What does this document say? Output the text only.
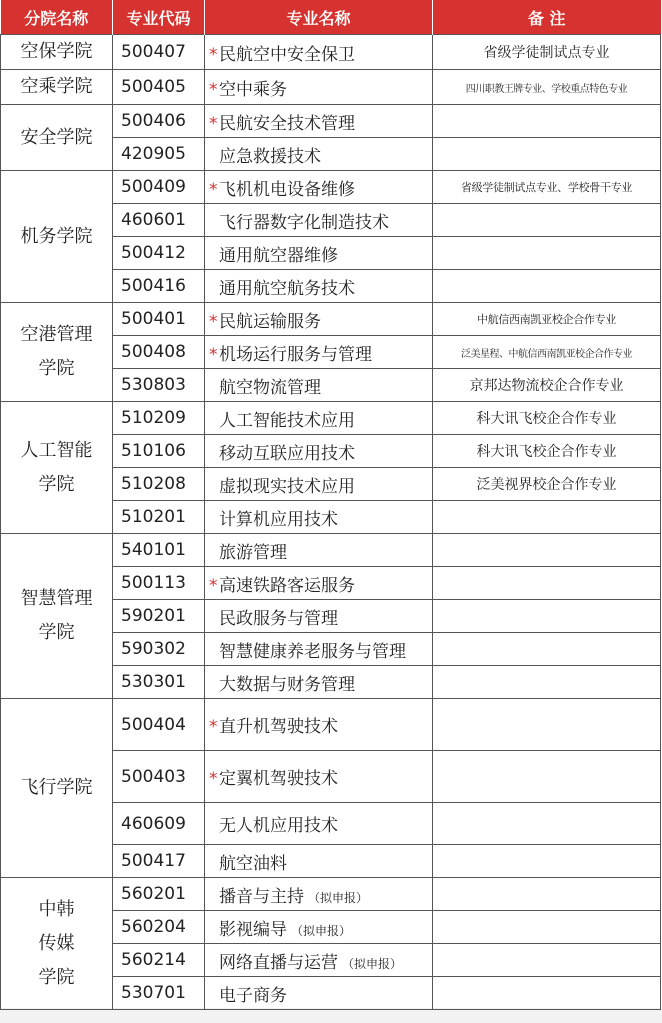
分院名称	专业代码	专业名称	备 注
空保学院	500407	*民航空中安全保卫	省级学徒制试点专业
空乘学院	500405	*空中乘务	四川职教王牌专业、学校重点特色专业
安全学院	500406	*民航安全技术管理	
	420905	应急救援技术	
机务学院	500409	*飞机机电设备维修	省级学徒制试点专业、学校骨干专业
	460601	飞行器数字化制造技术	
	500412	通用航空器维修	
	500416	通用航空航务技术	
空港管理学院	500401	*民航运输服务	中航信西南凯亚校企合作专业
	500408	*机场运行服务与管理	泛美星程、中航信西南凯亚校企合作专业
	530803	航空物流管理	京邦达物流校企合作专业
人工智能学院	510209	人工智能技术应用	科大讯飞校企合作专业
	510106	移动互联应用技术	科大讯飞校企合作专业
	510208	虚拟现实技术应用	泛美视界校企合作专业
	510201	计算机应用技术	
智慧管理学院	540101	旅游管理	
	500113	*高速铁路客运服务	
	590201	民政服务与管理	
	590302	智慧健康养老服务与管理	
	530301	大数据与财务管理	
飞行学院	500404	*直升机驾驶技术	
	500403	*定翼机驾驶技术	
	460609	无人机应用技术	
	500417	航空油料	
中韩传媒学院	560201	播音与主持 （拟申报）	
	560204	影视编导 （拟申报）	
	560214	网络直播与运营 （拟申报）	
	530701	电子商务	
